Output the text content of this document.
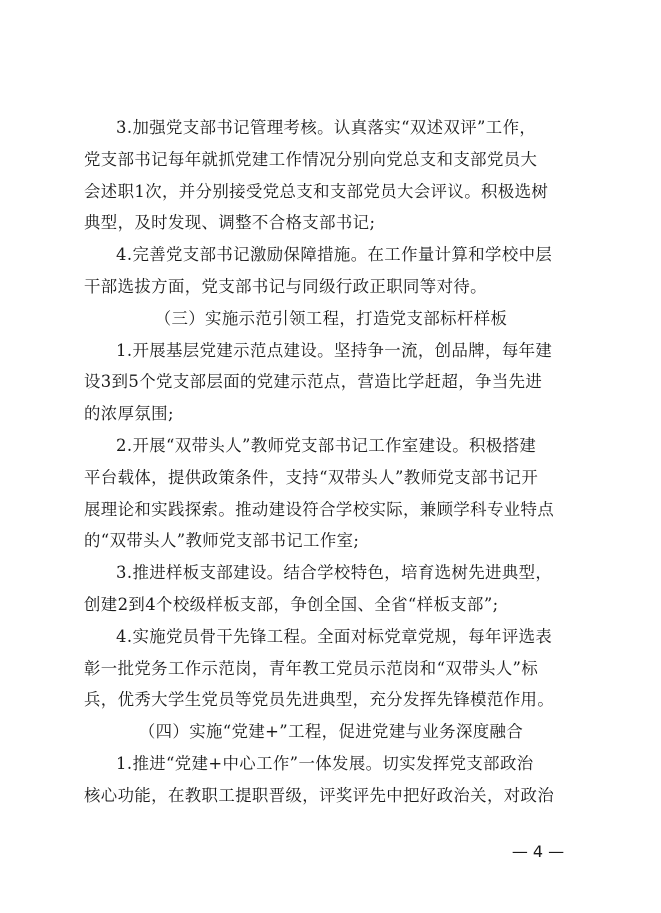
3.加强党支部书记管理考核。认真落实“双述双评”工作，
党支部书记每年就抓党建工作情况分别向党总支和支部党员大
会述职1次，并分别接受党总支和支部党员大会评议。积极选树
典型，及时发现、调整不合格支部书记;
4.完善党支部书记激励保障措施。在工作量计算和学校中层
干部选拔方面，党支部书记与同级行政正职同等对待。
（三）实施示范引领工程，打造党支部标杆样板
1.开展基层党建示范点建设。坚持争一流，创品牌，每年建
设3到5个党支部层面的党建示范点，营造比学赶超，争当先进
的浓厚氛围;
2.开展“双带头人”教师党支部书记工作室建设。积极搭建
平台载体，提供政策条件，支持“双带头人”教师党支部书记开
展理论和实践探索。推动建设符合学校实际，兼顾学科专业特点
的“双带头人”教师党支部书记工作室;
3.推进样板支部建设。结合学校特色，培育选树先进典型，
创建2到4个校级样板支部，争创全国、全省“样板支部”;
4.实施党员骨干先锋工程。全面对标党章党规，每年评选表
彰一批党务工作示范岗，青年教工党员示范岗和“双带头人”标
兵，优秀大学生党员等党员先进典型，充分发挥先锋模范作用。
（四）实施“党建+”工程，促进党建与业务深度融合
1.推进“党建+中心工作”一体发展。切实发挥党支部政治
核心功能，在教职工提职晋级，评奖评先中把好政治关，对政治
— 4 —
